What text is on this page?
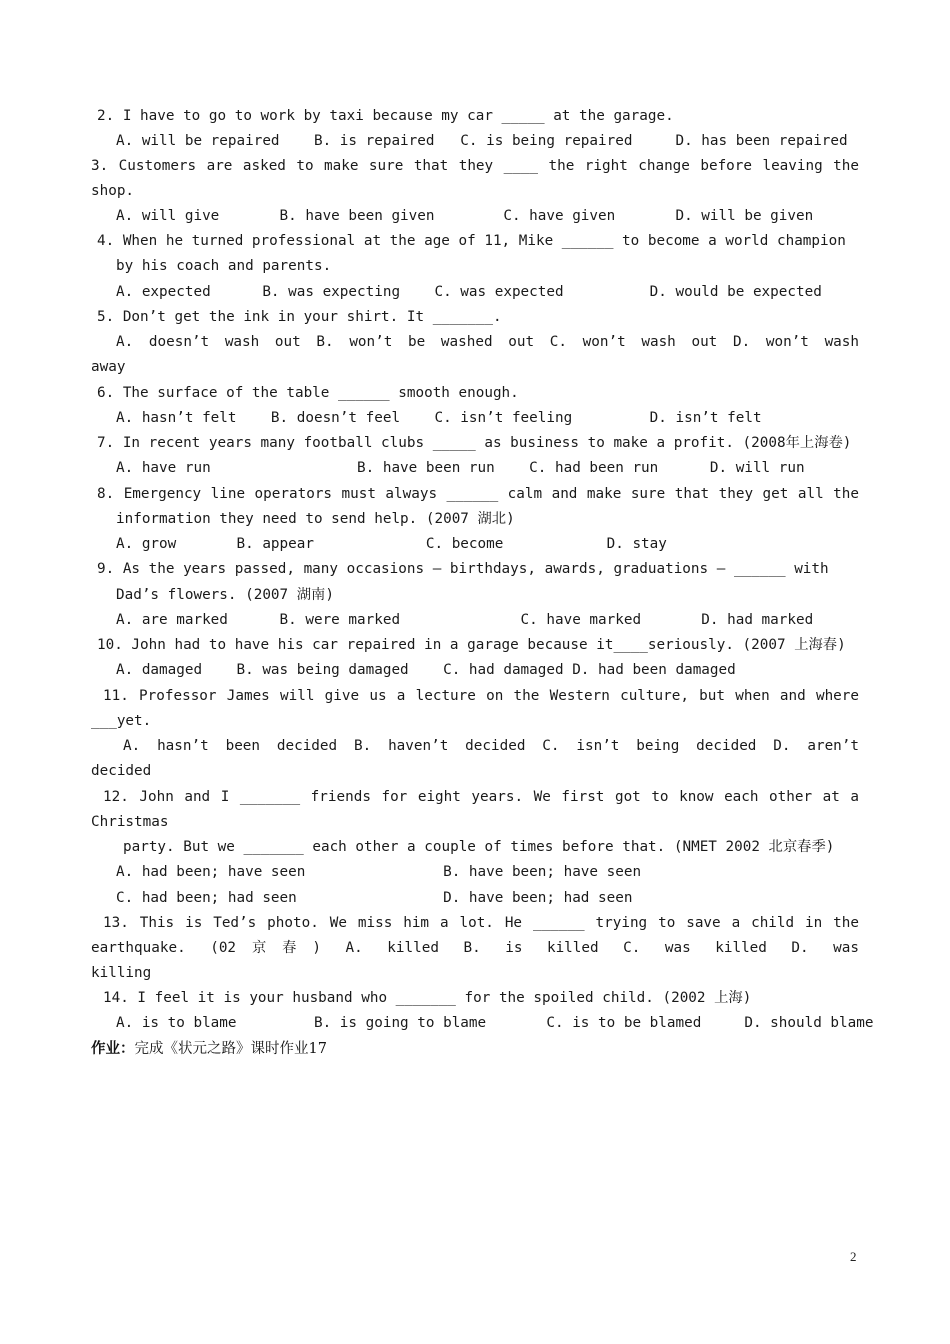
2. I have to go to work by taxi because my car _____ at the garage.
A. will be repaired    B. is repaired   C. is being repaired     D. has been repaired
3. Customers are asked to make sure that they ____ the right change before leaving the
shop.
A. will give       B. have been given        C. have given       D. will be given
4. When he turned professional at the age of 11, Mike ______ to become a world champion
by his coach and parents.
A. expected      B. was expecting    C. was expected          D. would be expected
5. Don’t get the ink in your shirt. It _______.
A. doesn’t wash out B. won’t be washed out C. won’t wash out D. won’t wash
away
6. The surface of the table ______ smooth enough.
A. hasn’t felt    B. doesn’t feel    C. isn’t feeling         D. isn’t felt
7. In recent years many football clubs _____ as business to make a profit. (2008年上海卷)
A. have run                 B. have been run    C. had been run      D. will run
8. Emergency line operators must always ______ calm and make sure that they get all the
information they need to send help. (2007 湖北)
A. grow       B. appear             C. become            D. stay
9. As the years passed, many occasions — birthdays, awards, graduations — ______ with
Dad’s flowers. (2007 湖南)
A. are marked      B. were marked              C. have marked       D. had marked
10. John had to have his car repaired in a garage because it____seriously. (2007 上海春)
A. damaged    B. was being damaged    C. had damaged D. had been damaged
11. Professor James will give us a lecture on the Western culture, but when and where
___yet.
A. hasn’t been decided B. haven’t decided C. isn’t being decided D. aren’t
decided
12. John and I _______ friends for eight years. We first got to know each other at a
Christmas
party. But we _______ each other a couple of times before that. (NMET 2002 北京春季)
A. had been; have seen                B. have been; have seen
C. had been; had seen                 D. have been; had seen
13. This is Ted’s photo. We miss him a lot. He ______ trying to save a child in the
earthquake. (02京春) A. killed B. is killed C. was killed D. was
killing
14. I feel it is your husband who _______ for the spoiled child. (2002 上海)
A. is to blame         B. is going to blame       C. is to be blamed     D. should blame
作业：完成《状元之路》课时作业17
2
